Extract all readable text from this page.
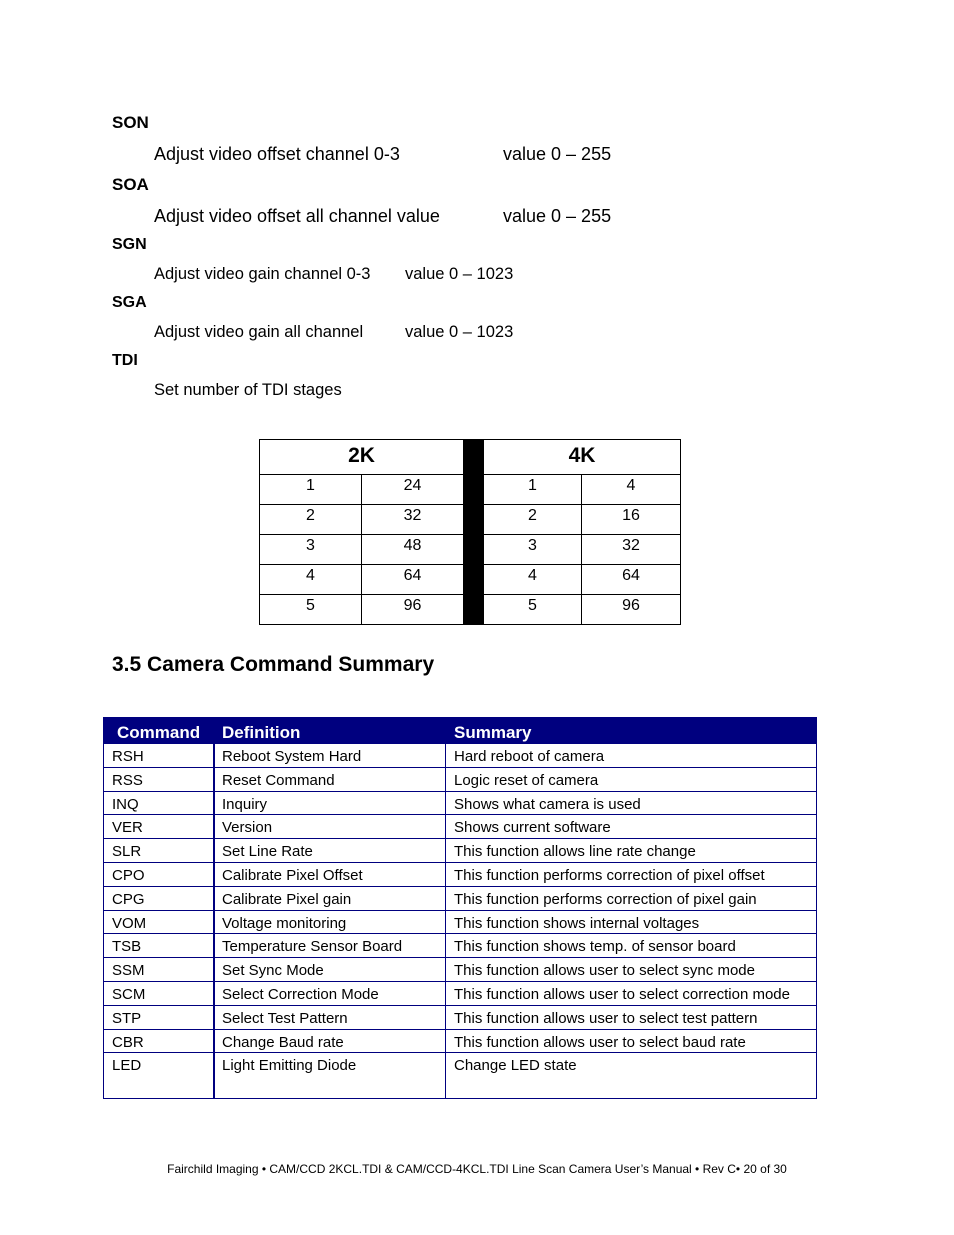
SON
Adjust video offset channel 0-3	value 0 – 255
SOA
Adjust video offset all channel value	value 0 – 255
SGN
Adjust video gain channel 0-3 value 0 – 1023
SGA
Adjust video gain all channel	value 0 – 1023
TDI
Set number of TDI stages
2K	4K
1	24	1	4
2	32	2	16
3	48	3	32
4	64	4	64
5	96	5	96
3.5 Camera Command Summary
Command Definition	Summary
RSH	Reboot System Hard	Hard reboot of camera
RSS	Reset Command	Logic reset of camera
INQ	Inquiry	Shows what camera is used
VER	Version	Shows current software
SLR	Set Line Rate	This function allows line rate change
CPO	Calibrate Pixel Offset	This function performs correction of pixel offset
CPG	Calibrate Pixel gain	This function performs correction of pixel gain
VOM	Voltage monitoring	This function shows internal voltages
TSB	Temperature Sensor Board	This function shows temp. of sensor board
SSM	Set Sync Mode	This function allows user to select sync mode
SCM	Select Correction Mode	This function allows user to select correction mode
STP	Select Test Pattern	This function allows user to select test pattern
CBR	Change Baud rate	This function allows user to select baud rate
LED	Light Emitting Diode	Change LED state
Fairchild Imaging • CAM/CCD 2KCL.TDI & CAM/CCD-4KCL.TDI Line Scan Camera User’s Manual • Rev C• 20 of 30
